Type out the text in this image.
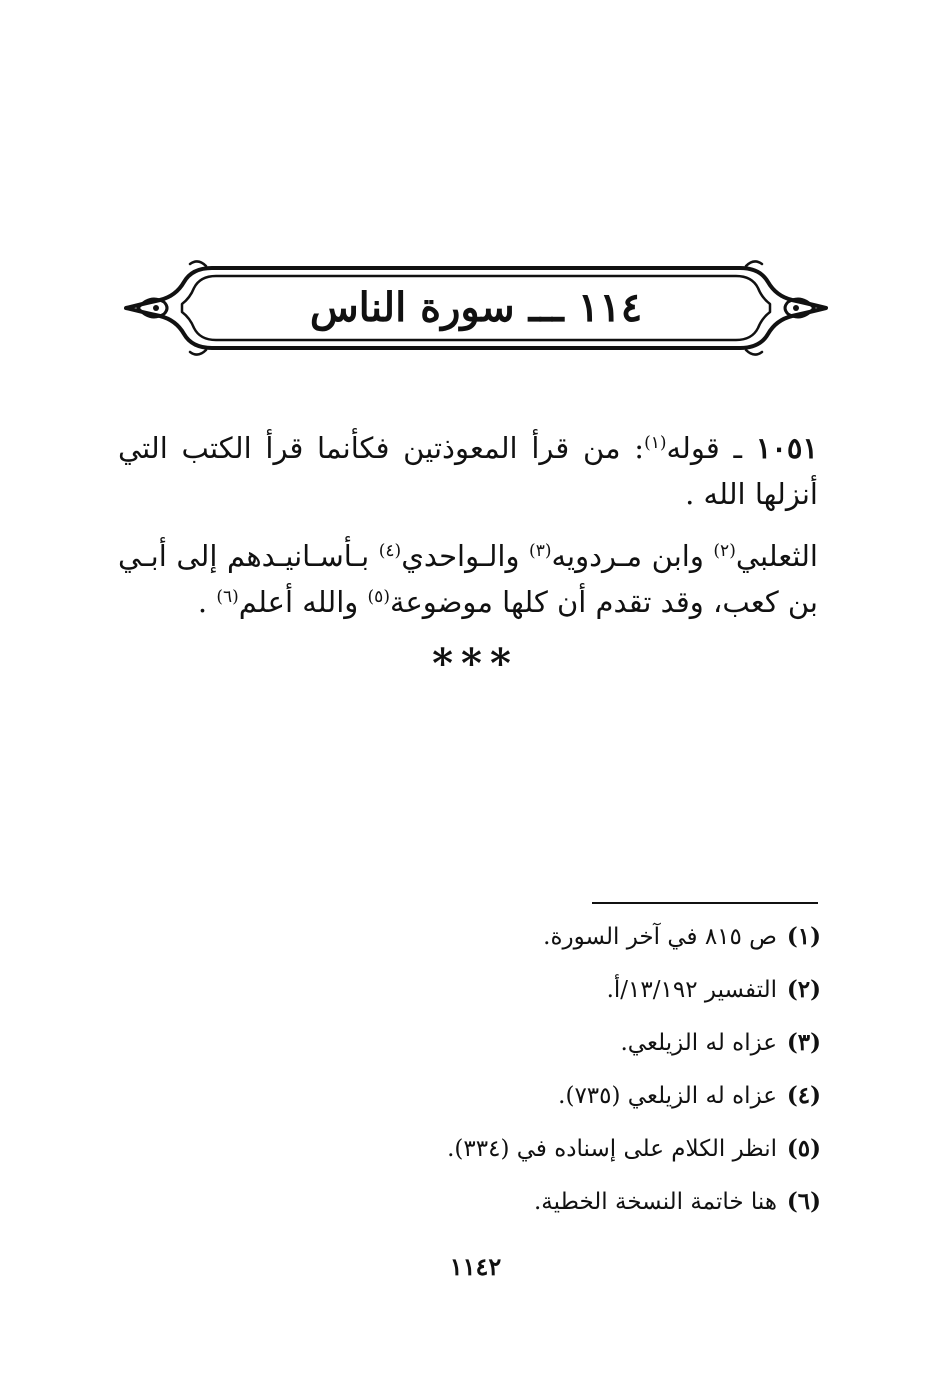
١١٤ـــسورة الناس

١٠٥١ ـ قوله$^{(١)}$: من قرأ المعوذتين فكأنما قرأ الكتب التي أنزلها الله .

الثعلبي$^{(٢)}$ وابن مـردويه$^{(٣)}$ والـواحدي$^{(٤)}$ بـأسـانيـدهم إلى أبـي بن كعب، وقد تقدم أن كلها موضوعة$^{(٥)}$ والله أعلم$^{(٦)}$ .

***
(١)ص ٨١٥ في آخر السورة.
(٢)التفسير ١٣/١٩٢/أ.
(٣)عزاه له الزيلعي.
(٤)عزاه له الزيلعي (٧٣٥).
(٥)انظر الكلام على إسناده في (٣٣٤).
(٦)هنا خاتمة النسخة الخطية.
١١٤٢
